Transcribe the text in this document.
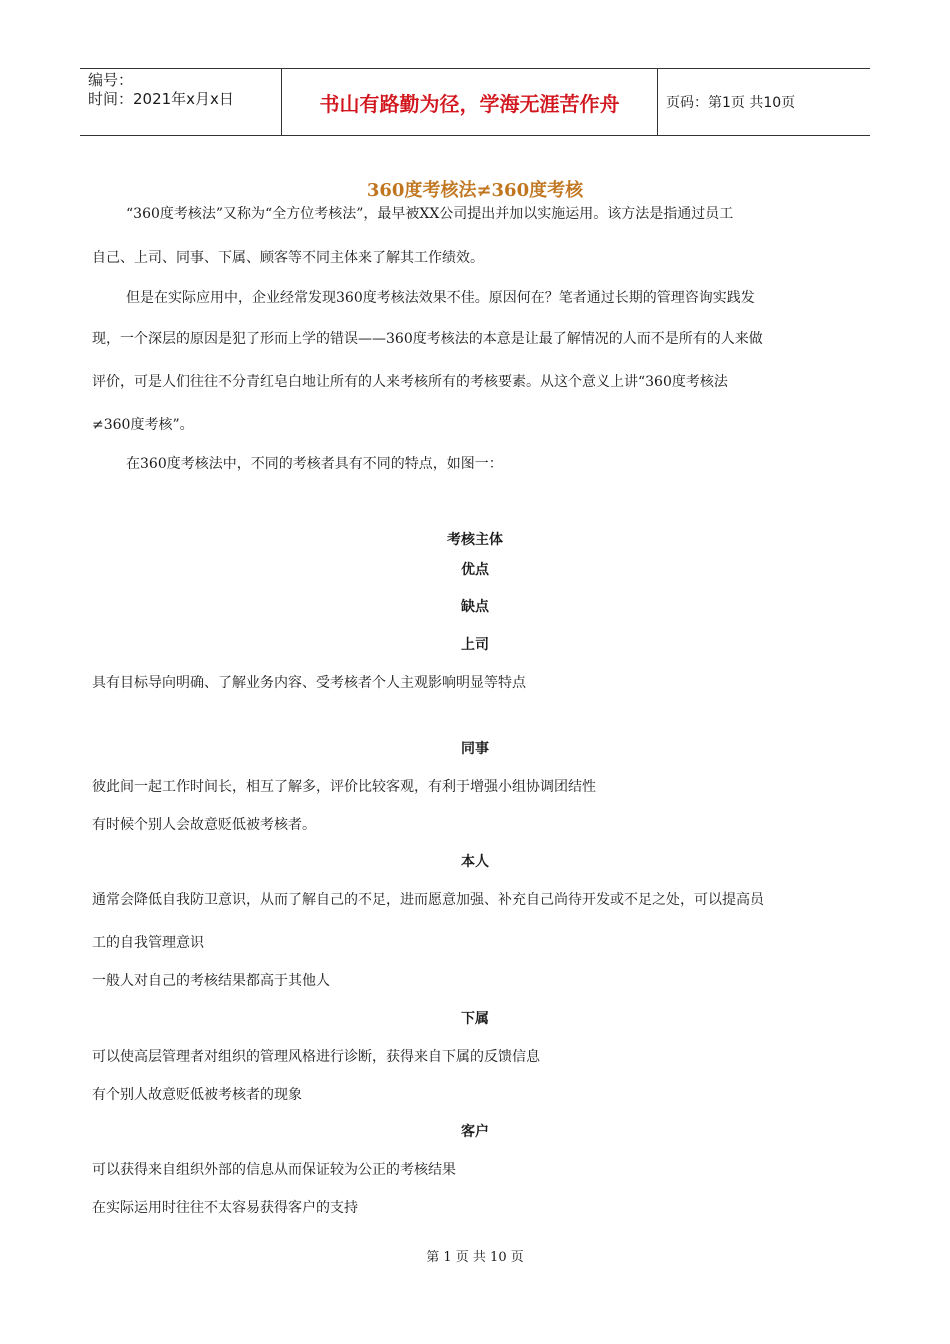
编号：
时间：2021年x月x日	书山有路勤为径，学海无涯苦作舟	页码：第1页 共10页
360度考核法≠360度考核

“360度考核法”又称为“全方位考核法”，最早被XX公司提出并加以实施运用。该方法是指通过员工

自己、上司、同事、下属、顾客等不同主体来了解其工作绩效。

但是在实际应用中，企业经常发现360度考核法效果不佳。原因何在？笔者通过长期的管理咨询实践发

现，一个深层的原因是犯了形而上学的错误——360度考核法的本意是让最了解情况的人而不是所有的人来做

评价，可是人们往往不分青红皂白地让所有的人来考核所有的考核要素。从这个意义上讲“360度考核法

≠360度考核”。

在360度考核法中，不同的考核者具有不同的特点，如图一：

考核主体
优点
缺点
上司

具有目标导向明确、了解业务内容、受考核者个人主观影响明显等特点

同事

彼此间一起工作时间长，相互了解多，评价比较客观，有利于增强小组协调团结性

有时候个别人会故意贬低被考核者。

本人

通常会降低自我防卫意识，从而了解自己的不足，进而愿意加强、补充自己尚待开发或不足之处，可以提高员

工的自我管理意识

一般人对自己的考核结果都高于其他人

下属

可以使高层管理者对组织的管理风格进行诊断，获得来自下属的反馈信息

有个别人故意贬低被考核者的现象

客户

可以获得来自组织外部的信息从而保证较为公正的考核结果

在实际运用时往往不太容易获得客户的支持

第 1 页 共 10 页
